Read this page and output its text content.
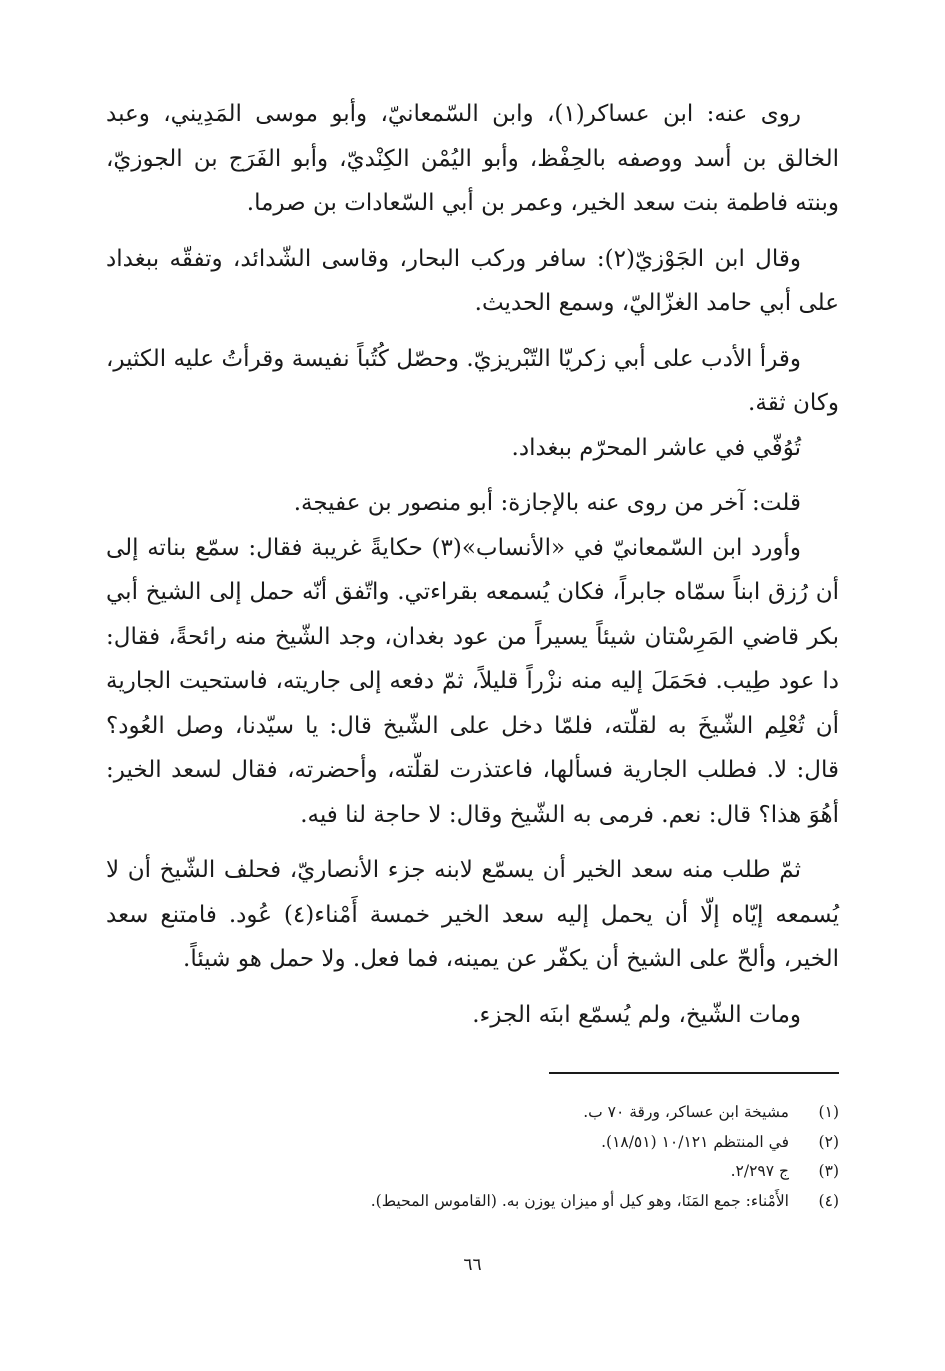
روى عنه: ابن عساكر(١)، وابن السّمعانيّ، وأبو موسى المَدِيني، وعبد الخالق بن أسد ووصفه بالحِفْظ، وأبو اليُمْن الكِنْديّ، وأبو الفَرَج بن الجوزيّ، وبنته فاطمة بنت سعد الخير، وعمر بن أبي السّعادات بن صرما.

وقال ابن الجَوْزيّ(٢): سافر وركب البحار، وقاسى الشّدائد، وتفقّه ببغداد على أبي حامد الغزّاليّ، وسمع الحديث.

وقرأ الأدب على أبي زكريّا التّبْريزيّ. وحصّل كُتُباً نفيسة وقرأتُ عليه الكثير، وكان ثقة.

تُوُفّي في عاشر المحرّم ببغداد.

قلت: آخر من روى عنه بالإجازة: أبو منصور بن عفيجة.

وأورد ابن السّمعانيّ في «الأنساب»(٣) حكايةً غريبة فقال: سمّع بناته إلى أن رُزق ابناً سمّاه جابراً، فكان يُسمعه بقراءتي. واتّفق أنّه حمل إلى الشيخ أبي بكر قاضي المَرِسْتان شيئاً يسيراً من عود بغدان، وجد الشّيخ منه رائحةً، فقال: دا عود طِيب. فحَمَلَ إليه منه نزْراً قليلاً، ثمّ دفعه إلى جاريته، فاستحيت الجارية أن تُعْلِم الشّيخَ به لقلّته، فلمّا دخل على الشّيخ قال: يا سيّدنا، وصل العُود؟ قال: لا. فطلب الجارية فسألها، فاعتذرت لقلّته، وأحضرته، فقال لسعد الخير: أهُوَ هذا؟ قال: نعم. فرمى به الشّيخ وقال: لا حاجة لنا فيه.

ثمّ طلب منه سعد الخير أن يسمّع لابنه جزء الأنصاريّ، فحلف الشّيخ أن لا يُسمعه إيّاه إلّا أن يحمل إليه سعد الخير خمسة أَمْناء(٤) عُود. فامتنع سعد الخير، وألحّ على الشيخ أن يكفّر عن يمينه، فما فعل. ولا حمل هو شيئاً.

ومات الشّيخ، ولم يُسمّع ابنَه الجزء.

(١)
مشيخة ابن عساكر، ورقة ٧٠ ب.
(٢)
في المنتظم ١٠/١٢١ (١٨/٥١).
(٣)
ج ٢/٢٩٧.
(٤)
الأَمْناء: جمع المَنَا، وهو كيل أو ميزان يوزن به. (القاموس المحيط).
٦٦
